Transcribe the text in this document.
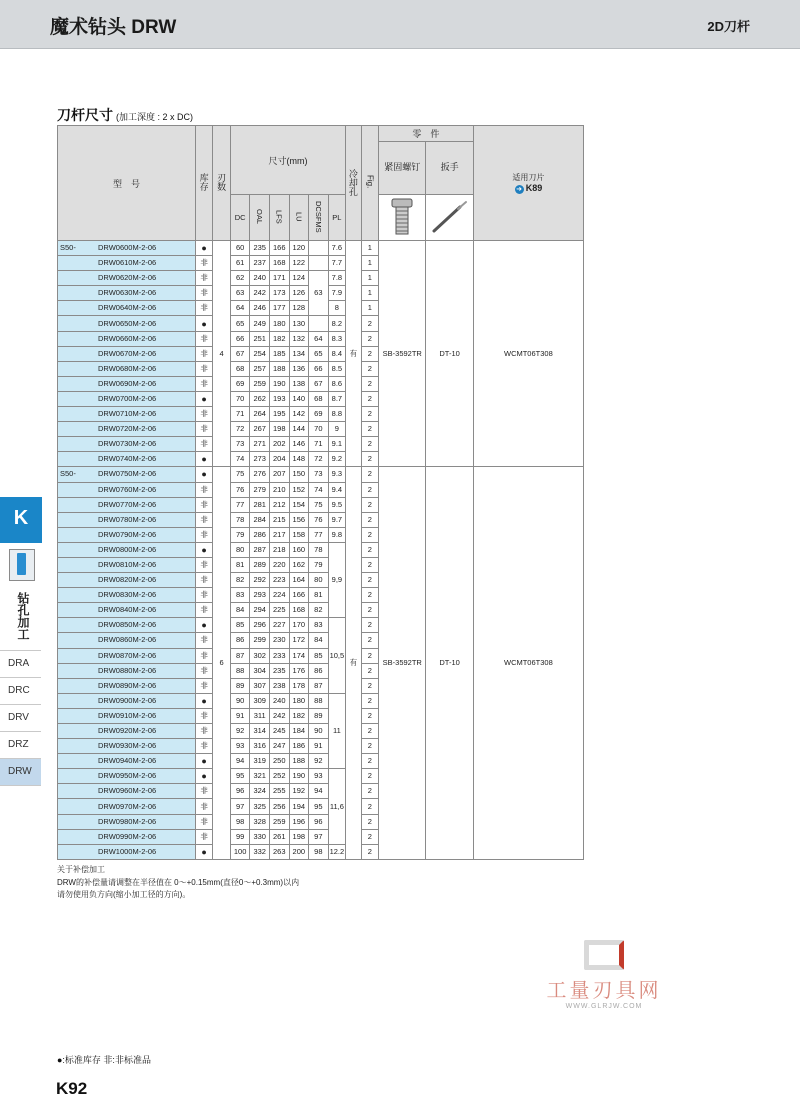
魔术钻头 DRW	2D刀杆
刀杆尺寸 (加工深度 : 2 x DC)
型　号	库存	刃数	尺寸(mm)						冷却孔	Fig.	零　件		适用刀片
➜ K89

											紧固螺钉	扳手	
			DC	OAL	LFS	LU	DCSFMS	PL		
S50- DRW0600M-2-06	●	4	60	235	166	120		7.6	有	1	SB-3592TR	DT-10	WCMT06T308
DRW0610M-2-06	非		61	237	168	122		7.7		1			
DRW0620M-2-06	非		62	240	171	124	63	7.8		1			
DRW0630M-2-06	非		63	242	173	126		7.9		1			
DRW0640M-2-06	非		64	246	177	128		8		1			
DRW0650M-2-06	●		65	249	180	130		8.2		2			
DRW0660M-2-06	非		66	251	182	132	64	8.3		2			
DRW0670M-2-06	非		67	254	185	134	65	8.4		2			
DRW0680M-2-06	非		68	257	188	136	66	8.5		2			
DRW0690M-2-06	非		69	259	190	138	67	8.6		2			
DRW0700M-2-06	●		70	262	193	140	68	8.7		2			
DRW0710M-2-06	非		71	264	195	142	69	8.8		2			
DRW0720M-2-06	非		72	267	198	144	70	9		2			
DRW0730M-2-06	非		73	271	202	146	71	9.1		2			
DRW0740M-2-06	●		74	273	204	148	72	9.2		2			
S50- DRW0750M-2-06	●	6	75	276	207	150	73	9.3	有	2	SB-3592TR	DT-10	WCMT06T308
DRW0760M-2-06	非		76	279	210	152	74	9.4		2			
DRW0770M-2-06	非		77	281	212	154	75	9.5		2			
DRW0780M-2-06	非		78	284	215	156	76	9.7		2			
DRW0790M-2-06	非		79	286	217	158	77	9.8		2			
DRW0800M-2-06	●		80	287	218	160	78	9,9		2			
DRW0810M-2-06	非		81	289	220	162	79			2			
DRW0820M-2-06	非		82	292	223	164	80			2			
DRW0830M-2-06	非		83	293	224	166	81			2			
DRW0840M-2-06	非		84	294	225	168	82			2			
DRW0850M-2-06	●		85	296	227	170	83	10,5		2			
DRW0860M-2-06	非		86	299	230	172	84			2			
DRW0870M-2-06	非		87	302	233	174	85			2			
DRW0880M-2-06	非		88	304	235	176	86			2			
DRW0890M-2-06	非		89	307	238	178	87			2			
DRW0900M-2-06	●		90	309	240	180	88	11		2			
DRW0910M-2-06	非		91	311	242	182	89			2			
DRW0920M-2-06	非		92	314	245	184	90			2			
DRW0930M-2-06	非		93	316	247	186	91			2			
DRW0940M-2-06	●		94	319	250	188	92			2			
DRW0950M-2-06	●		95	321	252	190	93	11,6		2			
DRW0960M-2-06	非		96	324	255	192	94			2			
DRW0970M-2-06	非		97	325	256	194	95			2			
DRW0980M-2-06	非		98	328	259	196	96			2			
DRW0990M-2-06	非		99	330	261	198	97			2			
DRW1000M-2-06	●		100	332	263	200	98	12.2		2			
关于补偿加工
DRW的补偿量请调整在半径值在 0～+0.15mm(直径0～+0.3mm)以内
请勿使用负方向(缩小加工径的方向)。
K
钻孔加工
DRA
DRC
DRV
DRZ
DRW
工量刃具网
WWW.GLRJW.COM
●:标准库存 非:非标准品
K92
